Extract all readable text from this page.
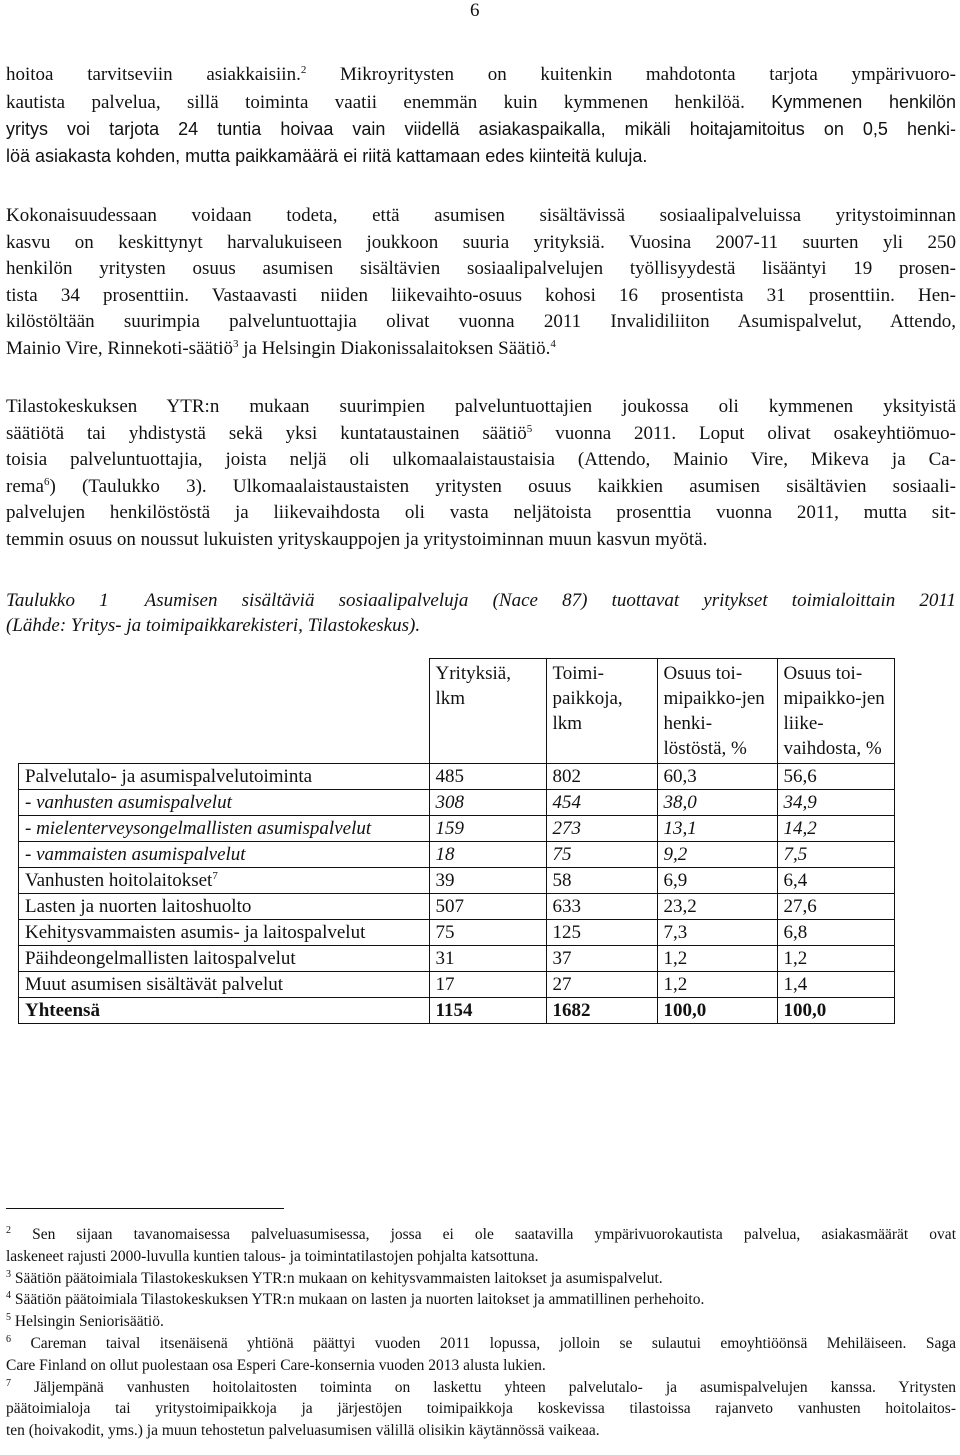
6
hoitoa tarvitseviin asiakkaisiin.$^2$ Mikroyritysten on kuitenkin mahdotonta tarjota ympärivuoro-
kautista palvelua, sillä toiminta vaatii enemmän kuin kymmenen henkilöä. Kymmenen henkilön
yritys voi tarjota 24 tuntia hoivaa vain viidellä asiakaspaikalla, mikäli hoitajamitoitus on 0,5 henki-
löä asiakasta kohden, mutta paikkamäärä ei riitä kattamaan edes kiinteitä kuluja.
Kokonaisuudessaan voidaan todeta, että asumisen sisältävissä sosiaalipalveluissa yritystoiminnan
kasvu on keskittynyt harvalukuiseen joukkoon suuria yrityksiä. Vuosina 2007-11 suurten yli 250
henkilön yritysten osuus asumisen sisältävien sosiaalipalvelujen työllisyydestä lisääntyi 19 prosen-
tista 34 prosenttiin. Vastaavasti niiden liikevaihto-osuus kohosi 16 prosentista 31 prosenttiin. Hen-
kilöstöltään suurimpia palveluntuottajia olivat vuonna 2011 Invalidiliiton Asumispalvelut, Attendo,
Mainio Vire, Rinnekoti-säätiö$^3$ ja Helsingin Diakonissalaitoksen Säätiö.$^4$
Tilastokeskuksen YTR:n mukaan suurimpien palveluntuottajien joukossa oli kymmenen yksityistä
säätiötä tai yhdistystä sekä yksi kuntataustainen säätiö$^5$ vuonna 2011. Loput olivat osakeyhtiömuo-
toisia palveluntuottajia, joista neljä oli ulkomaalaistaustaisia (Attendo, Mainio Vire, Mikeva ja Ca-
rema$^6$) (Taulukko 3). Ulkomaalaistaustaisten yritysten osuus kaikkien asumisen sisältävien sosiaali-
palvelujen henkilöstöstä ja liikevaihdosta oli vasta neljätoista prosenttia vuonna 2011, mutta sit-
temmin osuus on noussut lukuisten yrityskauppojen ja yritystoiminnan muun kasvun myötä.
Taulukko 1 Asumisen sisältäviä sosiaalipalveluja (Nace 87) tuottavat yritykset toimialoittain 2011
(Lähde: Yritys- ja toimipaikkarekisteri, Tilastokeskus).
	Yrityksiä, lkm	Toimi-paikkoja, lkm	Osuus toi-mipaikko-jen henki-löstöstä, %	Osuus toi-mipaikko-jen liike-vaihdosta, %
Palvelutalo- ja asumispalvelutoiminta	485	802	60,3	56,6
- vanhusten asumispalvelut	308	454	38,0	34,9
- mielenterveysongelmallisten asumispalvelut	159	273	13,1	14,2
- vammaisten asumispalvelut	18	75	9,2	7,5
Vanhusten hoitolaitokset$^7$	39	58	6,9	6,4
Lasten ja nuorten laitoshuolto	507	633	23,2	27,6
Kehitysvammaisten asumis- ja laitospalvelut	75	125	7,3	6,8
Päihdeongelmallisten laitospalvelut	31	37	1,2	1,2
Muut asumisen sisältävät palvelut	17	27	1,2	1,4
Yhteensä	1154	1682	100,0	100,0
$^2$ Sen sijaan tavanomaisessa palveluasumisessa, jossa ei ole saatavilla ympärivuorokautista palvelua, asiakasmäärät ovat
laskeneet rajusti 2000-luvulla kuntien talous- ja toimintatilastojen pohjalta katsottuna.
$^3$ Säätiön päätoimiala Tilastokeskuksen YTR:n mukaan on kehitysvammaisten laitokset ja asumispalvelut.
$^4$ Säätiön päätoimiala Tilastokeskuksen YTR:n mukaan on lasten ja nuorten laitokset ja ammatillinen perhehoito.
$^5$ Helsingin Seniorisäätiö.
$^6$ Careman taival itsenäisenä yhtiönä päättyi vuoden 2011 lopussa, jolloin se sulautui emoyhtiöönsä Mehiläiseen. Saga
Care Finland on ollut puolestaan osa Esperi Care-konsernia vuoden 2013 alusta lukien.
$^7$ Jäljempänä vanhusten hoitolaitosten toiminta on laskettu yhteen palvelutalo- ja asumispalvelujen kanssa. Yritysten
päätoimialoja tai yritystoimipaikkoja ja järjestöjen toimipaikkoja koskevissa tilastoissa rajanveto vanhusten hoitolaitos-
ten (hoivakodit, yms.) ja muun tehostetun palveluasumisen välillä olisikin käytännössä vaikeaa.
